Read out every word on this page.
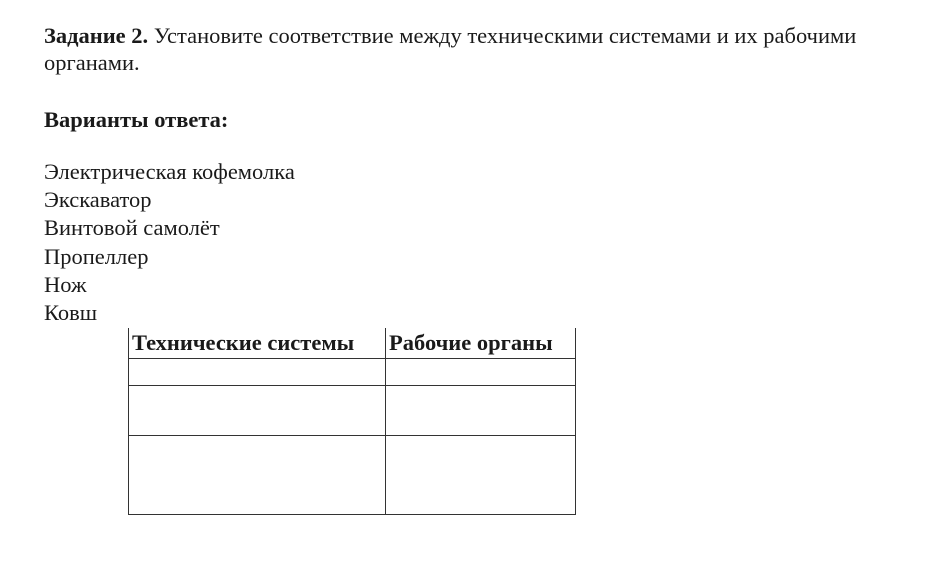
Задание 2. Установите соответствие между техническими системами и их рабочими органами.
Варианты ответа:
Электрическая кофемолка
Экскаватор
Винтовой самолёт
Пропеллер
Нож
Ковш
Технические системы	Рабочие органы
